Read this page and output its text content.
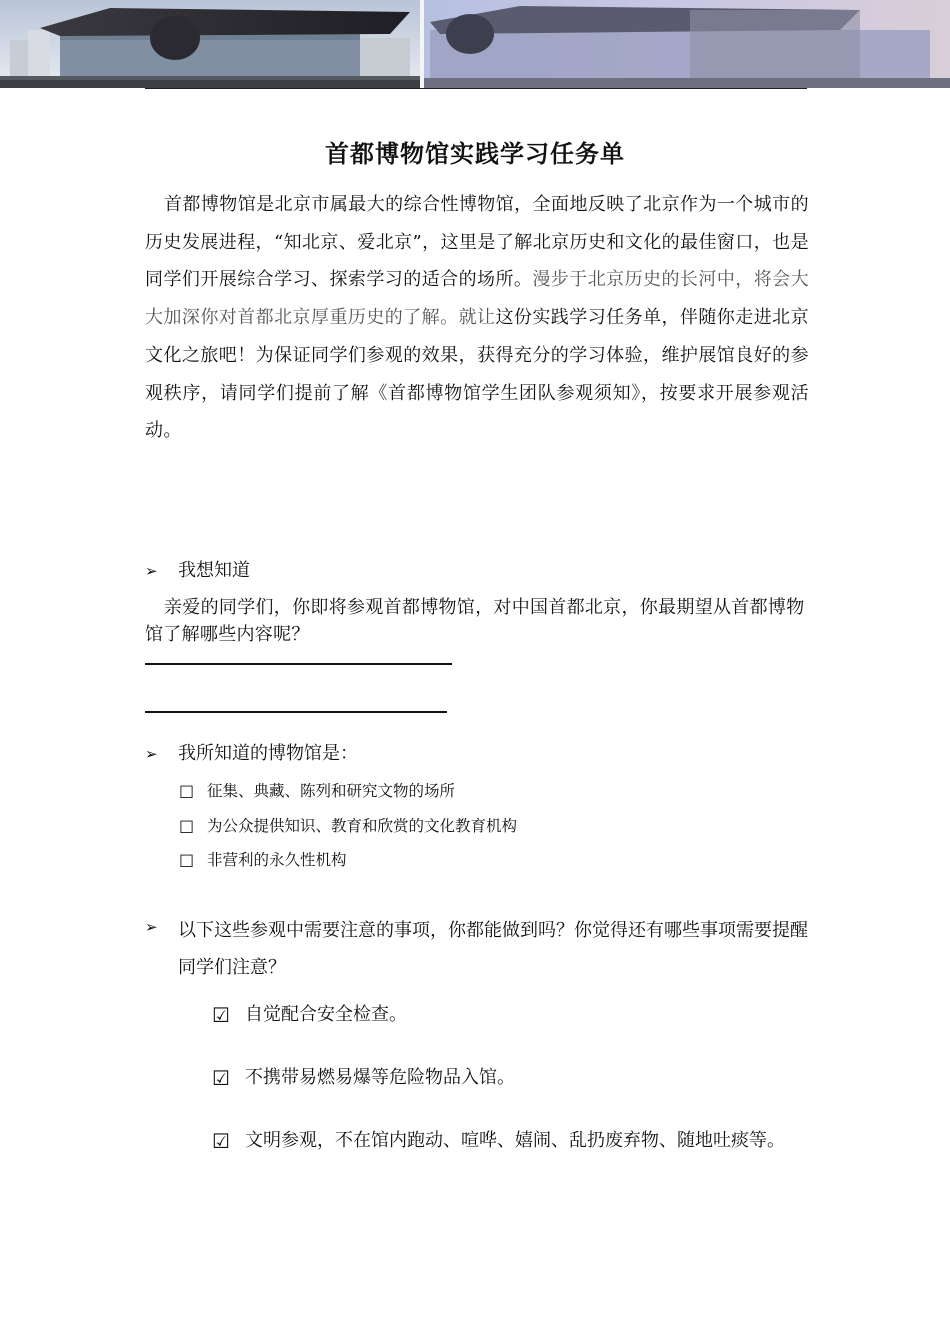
首都博物馆实践学习任务单

首都博物馆是北京市属最大的综合性博物馆，全面地反映了北京作为一个城市的历史发展进程，“知北京、爱北京”，这里是了解北京历史和文化的最佳窗口，也是同学们开展综合学习、探索学习的适合的场所。漫步于北京历史的长河中，将会大大加深你对首都北京厚重历史的了解。就让这份实践学习任务单，伴随你走进北京文化之旅吧！为保证同学们参观的效果，获得充分的学习体验，维护展馆良好的参观秩序，请同学们提前了解《首都博物馆学生团队参观须知》，按要求开展参观活动。

➢	我想知道

亲爱的同学们，你即将参观首都博物馆，对中国首都北京，你最期望从首都博物馆了解哪些内容呢？

➢	我所知道的博物馆是：
□ 征集、典藏、陈列和研究文物的场所
□ 为公众提供知识、教育和欣赏的文化教育机构
□ 非营利的永久性机构
➢	以下这些参观中需要注意的事项，你都能做到吗？你觉得还有哪些事项需要提醒同学们注意？
☑ 自觉配合安全检查。
☑ 不携带易燃易爆等危险物品入馆。
☑ 文明参观，不在馆内跑动、喧哗、嬉闹、乱扔废弃物、随地吐痰等。
